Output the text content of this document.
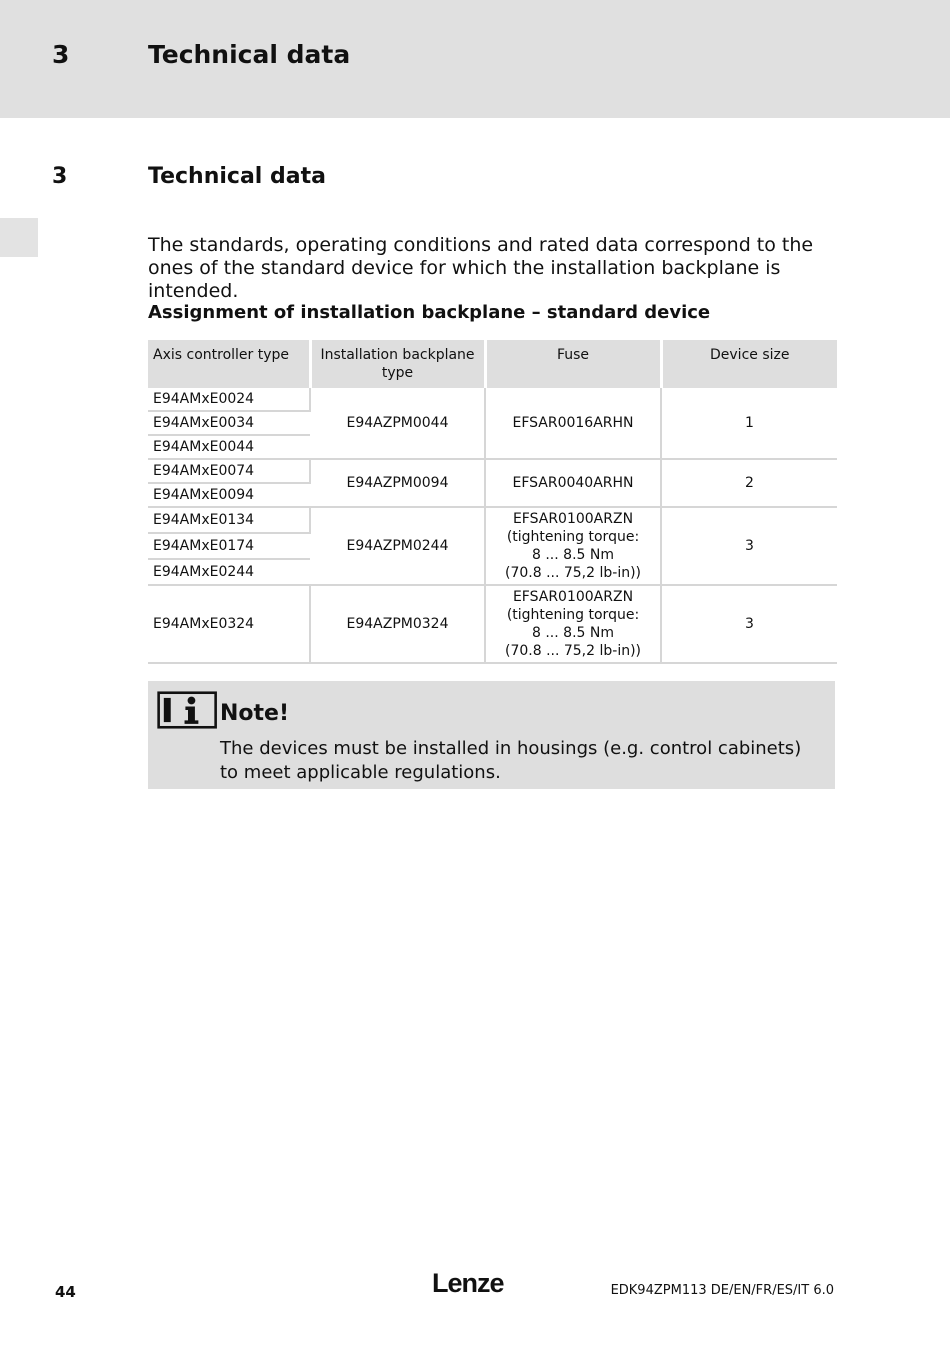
3	Technical data
3	Technical data

The standards, operating conditions and rated data correspond to the ones of the standard device for which the installation backplane is intended.

Assignment of installation backplane – standard device
Axis controller type	Installation backplane type	Fuse	Device size
E94AMxE0024	E94AZPM0044	EFSAR0016ARHN	1
E94AMxE0034			
E94AMxE0044			
E94AMxE0074	E94AZPM0094	EFSAR0040ARHN	2
E94AMxE0094			
E94AMxE0134	E94AZPM0244	EFSAR0100ARZN
(tightening torque:
8 ... 8.5 Nm
(70.8 ... 75,2 lb-in))	3
E94AMxE0174			
E94AMxE0244			
E94AMxE0324	E94AZPM0324	EFSAR0100ARZN
(tightening torque:
8 ... 8.5 Nm
(70.8 ... 75,2 lb-in))	3
Note!
The devices must be installed in housings (e.g. control cabinets) to meet applicable regulations.
44	Lenze	EDK94ZPM113 DE/EN/FR/ES/IT 6.0
